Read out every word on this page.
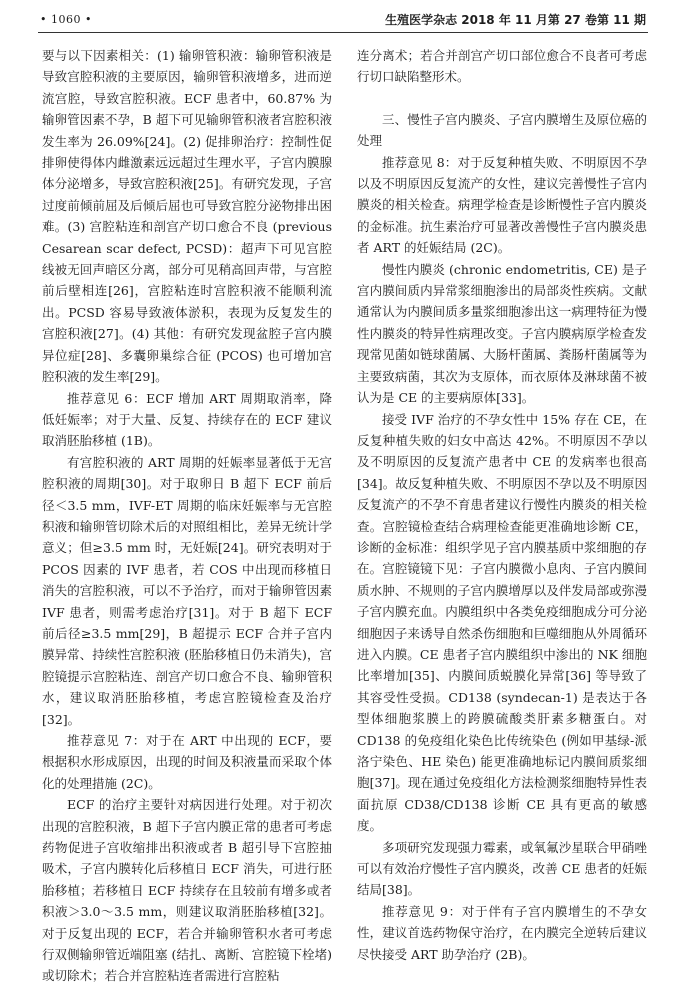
• 1060 •	生殖医学杂志 2018 年 11 月第 27 卷第 11 期

要与以下因素相关：(1) 输卵管积液：输卵管积液是导致宫腔积液的主要原因，输卵管积液增多，进而逆流宫腔，导致宫腔积液。ECF 患者中，60.87% 为输卵管因素不孕，B 超下可见输卵管积液者宫腔积液发生率为 26.09%[24]。(2) 促排卵治疗：控制性促排卵使得体内雌激素远远超过生理水平，子宫内膜腺体分泌增多，导致宫腔积液[25]。有研究发现，子宫过度前倾前屈及后倾后屈也可导致宫腔分泌物排出困难。(3) 宫腔粘连和剖宫产切口愈合不良 (previous Cesarean scar defect, PCSD)：超声下可见宫腔线被无回声暗区分离，部分可见稍高回声带，与宫腔前后壁相连[26]，宫腔粘连时宫腔积液不能顺利流出。PCSD 容易导致液体淤积，表现为反复发生的宫腔积液[27]。(4) 其他：有研究发现盆腔子宫内膜异位症[28]、多囊卵巢综合征 (PCOS) 也可增加宫腔积液的发生率[29]。

推荐意见 6：ECF 增加 ART 周期取消率，降低妊娠率；对于大量、反复、持续存在的 ECF 建议取消胚胎移植 (1B)。

有宫腔积液的 ART 周期的妊娠率显著低于无宫腔积液的周期[30]。对于取卵日 B 超下 ECF 前后径＜3.5 mm，IVF-ET 周期的临床妊娠率与无宫腔积液和输卵管切除术后的对照组相比，差异无统计学意义；但≥3.5 mm 时，无妊娠[24]。研究表明对于 PCOS 因素的 IVF 患者，若 COS 中出现而移植日消失的宫腔积液，可以不予治疗，而对于输卵管因素 IVF 患者，则需考虑治疗[31]。对于 B 超下 ECF 前后径≥3.5 mm[29]，B 超提示 ECF 合并子宫内膜异常、持续性宫腔积液 (胚胎移植日仍未消失)，宫腔镜提示宫腔粘连、剖宫产切口愈合不良、输卵管积水，建议取消胚胎移植，考虑宫腔镜检查及治疗[32]。

推荐意见 7：对于在 ART 中出现的 ECF，要根据积水形成原因，出现的时间及积液量而采取个体化的处理措施 (2C)。

ECF 的治疗主要针对病因进行处理。对于初次出现的宫腔积液，B 超下子宫内膜正常的患者可考虑药物促进子宫收缩排出积液或者 B 超引导下宫腔抽吸术，子宫内膜转化后移植日 ECF 消失，可进行胚胎移植；若移植日 ECF 持续存在且较前有增多或者积液＞3.0～3.5 mm，则建议取消胚胎移植[32]。对于反复出现的 ECF，若合并输卵管积水者可考虑行双侧输卵管近端阻塞 (结扎、离断、宫腔镜下栓堵) 或切除术；若合并宫腔粘连者需进行宫腔粘

连分离术；若合并剖宫产切口部位愈合不良者可考虑行切口缺陷整形术。

三、慢性子宫内膜炎、子宫内膜增生及原位癌的处理

推荐意见 8：对于反复种植失败、不明原因不孕以及不明原因反复流产的女性，建议完善慢性子宫内膜炎的相关检查。病理学检查是诊断慢性子宫内膜炎的金标准。抗生素治疗可显著改善慢性子宫内膜炎患者 ART 的妊娠结局 (2C)。

慢性内膜炎 (chronic endometritis, CE) 是子宫内膜间质内异常浆细胞渗出的局部炎性疾病。文献通常认为内膜间质多量浆细胞渗出这一病理特征为慢性内膜炎的特异性病理改变。子宫内膜病原学检查发现常见菌如链球菌属、大肠杆菌属、粪肠杆菌属等为主要致病菌，其次为支原体，而衣原体及淋球菌不被认为是 CE 的主要病原体[33]。

接受 IVF 治疗的不孕女性中 15% 存在 CE，在反复种植失败的妇女中高达 42%。不明原因不孕以及不明原因的反复流产患者中 CE 的发病率也很高[34]。故反复种植失败、不明原因不孕以及不明原因反复流产的不孕不育患者建议行慢性内膜炎的相关检查。宫腔镜检查结合病理检查能更准确地诊断 CE，诊断的金标准：组织学见子宫内膜基质中浆细胞的存在。宫腔镜镜下见：子宫内膜微小息肉、子宫内膜间质水肿、不规则的子宫内膜增厚以及伴发局部或弥漫子宫内膜充血。内膜组织中各类免疫细胞成分可分泌细胞因子来诱导自然杀伤细胞和巨噬细胞从外周循环进入内膜。CE 患者子宫内膜组织中渗出的 NK 细胞比率增加[35]、内膜间质蜕膜化异常[36] 等导致了其容受性受损。CD138 (syndecan-1) 是表达于各型体细胞浆膜上的跨膜硫酸类肝素多糖蛋白。对 CD138 的免疫组化染色比传统染色 (例如甲基绿-派洛宁染色、HE 染色) 能更准确地标记内膜间质浆细胞[37]。现在通过免疫组化方法检测浆细胞特异性表面抗原 CD38/CD138 诊断 CE 具有更高的敏感度。

多项研究发现强力霉素，或氧氟沙星联合甲硝唑可以有效治疗慢性子宫内膜炎，改善 CE 患者的妊娠结局[38]。

推荐意见 9：对于伴有子宫内膜增生的不孕女性，建议首选药物保守治疗，在内膜完全逆转后建议尽快接受 ART 助孕治疗 (2B)。
